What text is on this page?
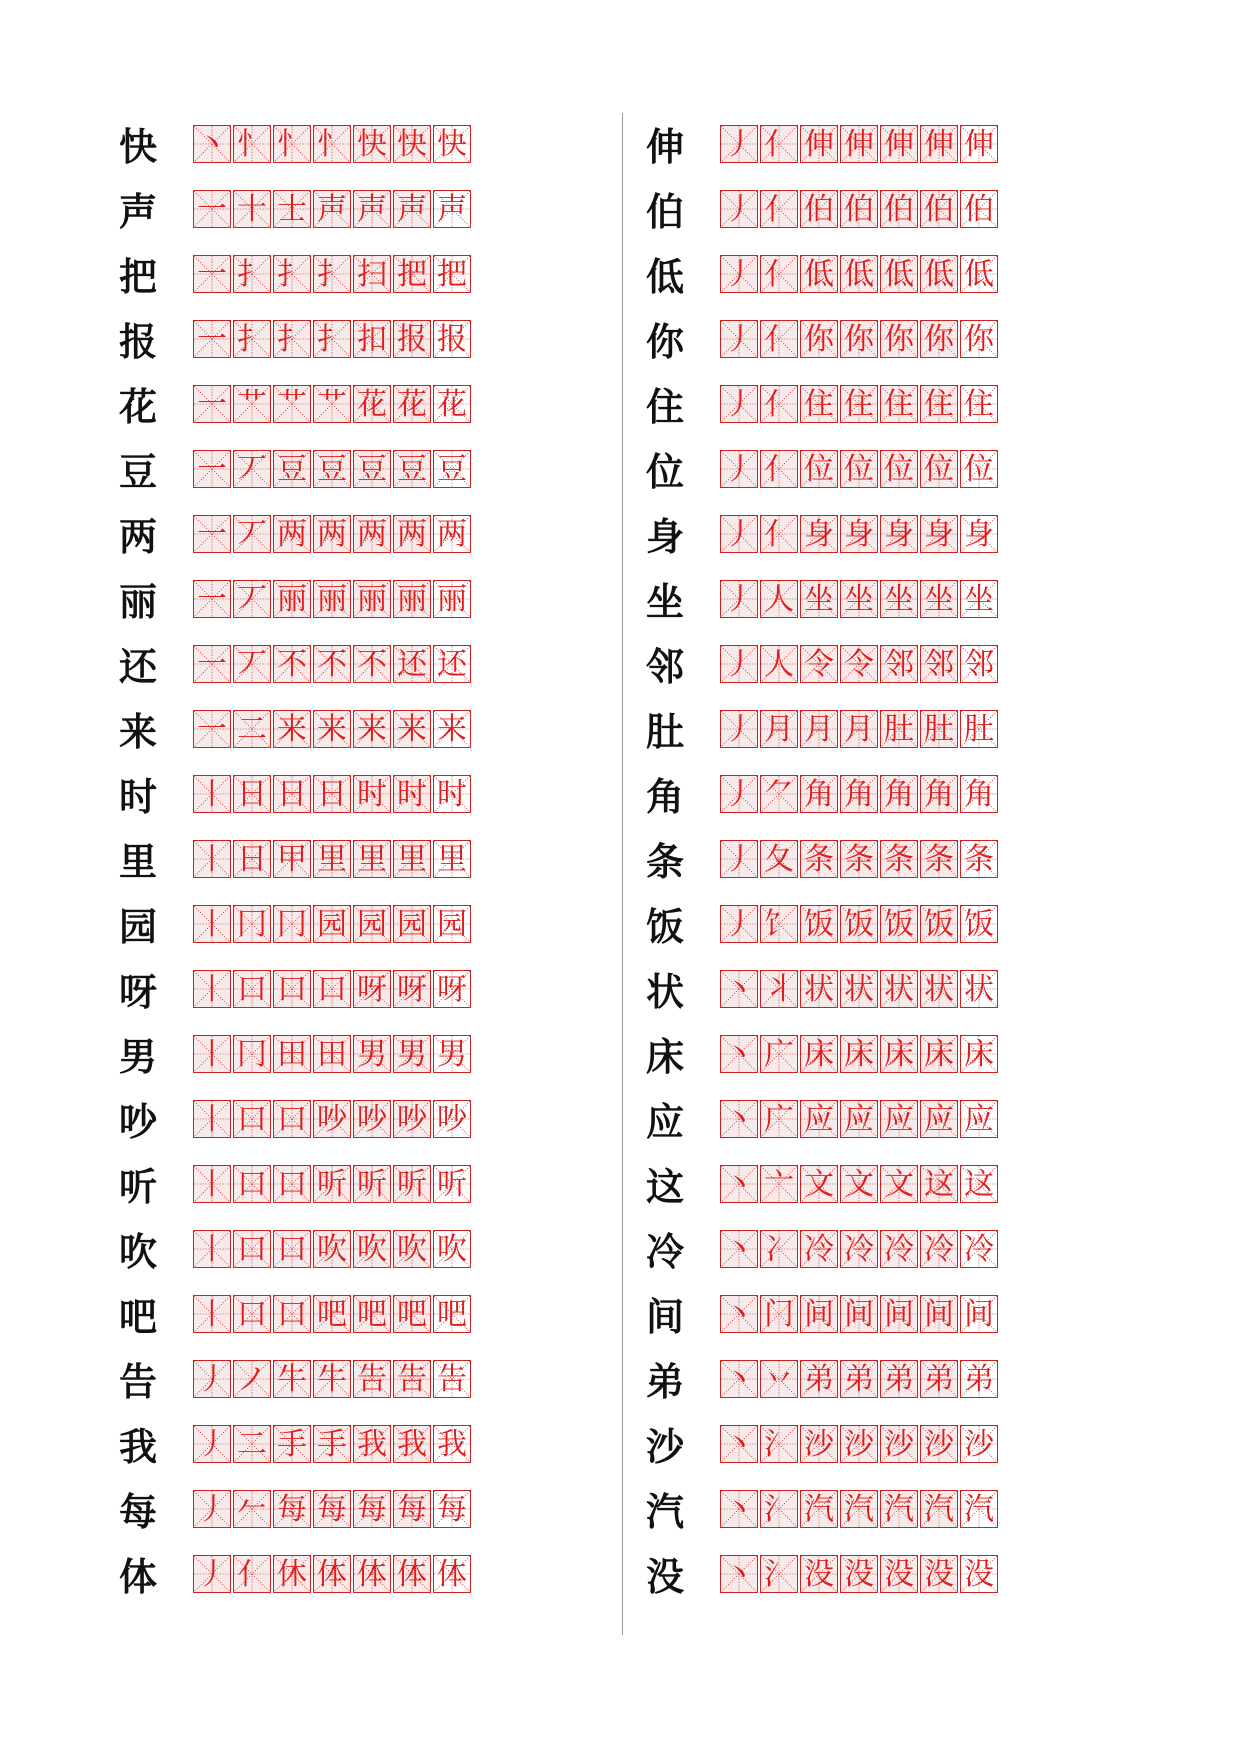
快 丶 忄 忄 忄 快 快 快
声 一 十 士 声 声 声 声
把 一 扌 扌 扌 扫 把 把
报 一 扌 扌 扌 扣 报 报
花 一 艹 艹 艹 花 花 花
豆 一 丆 豆 豆 豆 豆 豆
两 一 丆 两 两 两 两 两
丽 一 丆 丽 丽 丽 丽 丽
还 一 丆 不 不 不 还 还
来 一 二 来 来 来 来 来
时 丨 日 日 日 时 时 时
里 丨 日 甲 里 里 里 里
园 丨 冂 冂 园 园 园 园
呀 丨 口 口 口 呀 呀 呀
男 丨 冂 田 田 男 男 男
吵 丨 口 口 吵 吵 吵 吵
听 丨 口 口 听 听 听 听
吹 丨 口 口 吹 吹 吹 吹
吧 丨 口 口 吧 吧 吧 吧
告 丿 ノ 牛 牛 告 告 告
我 丿 二 手 手 我 我 我
每 丿 𠂉 每 每 每 每 每
体 丿 亻 休 体 体 体 体
伸 丿 亻 伸 伸 伸 伸 伸
伯 丿 亻 伯 伯 伯 伯 伯
低 丿 亻 低 低 低 低 低
你 丿 亻 你 你 你 你 你
住 丿 亻 住 住 住 住 住
位 丿 亻 位 位 位 位 位
身 丿 亻 身 身 身 身 身
坐 丿 人 坐 坐 坐 坐 坐
邻 丿 人 令 令 邻 邻 邻
肚 丿 月 月 月 肚 肚 肚
角 丿 ⺈ 角 角 角 角 角
条 丿 夂 条 条 条 条 条
饭 丿 饣 饭 饭 饭 饭 饭
状 丶 丬 状 状 状 状 状
床 丶 广 床 床 床 床 床
应 丶 广 应 应 应 应 应
这 丶 亠 文 文 文 这 这
冷 丶 冫 冷 冷 冷 冷 冷
间 丶 门 间 间 间 间 间
弟 丶 丷 弟 弟 弟 弟 弟
沙 丶 氵 沙 沙 沙 沙 沙
汽 丶 氵 汽 汽 汽 汽 汽
没 丶 氵 没 没 没 没 没
